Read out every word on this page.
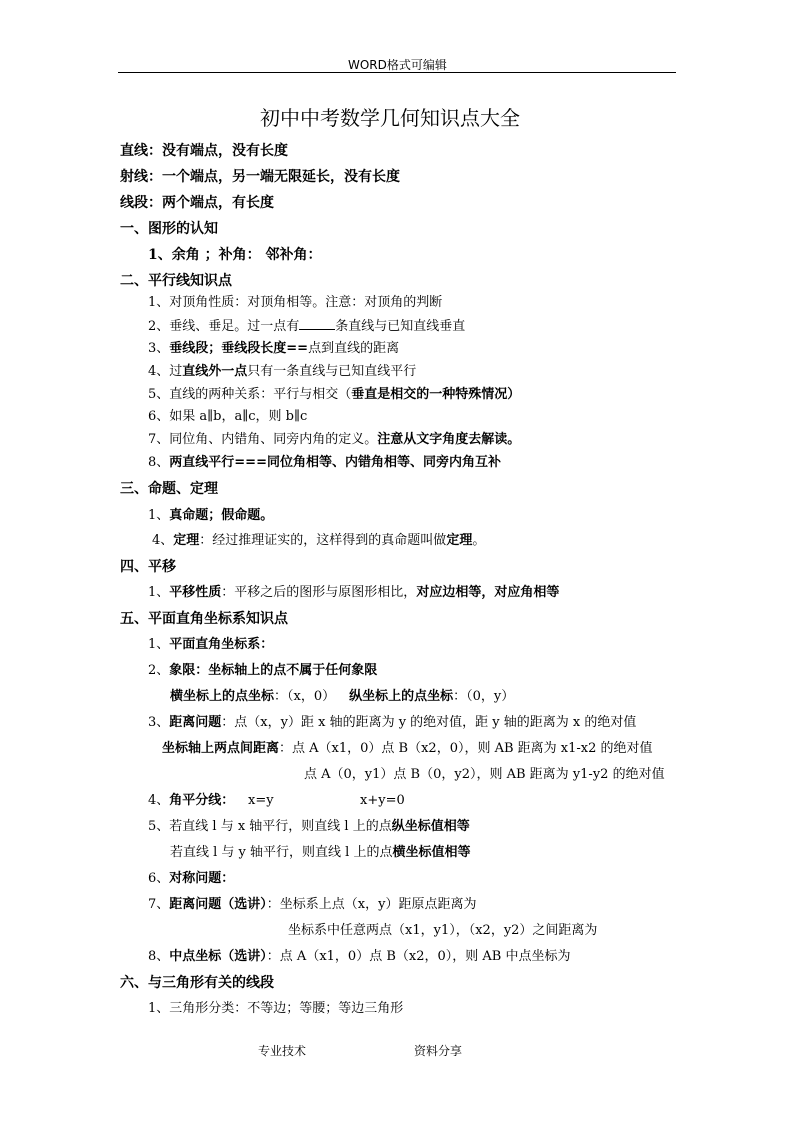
WORD格式可编辑
初中中考数学几何知识点大全
直线：没有端点，没有长度
射线：一个端点，另一端无限延长，没有长度
线段：两个端点，有长度
一、图形的认知
1、余角 ；补角： 邻补角：
二、平行线知识点
1、对顶角性质：对顶角相等。注意：对顶角的判断
2、垂线、垂足。过一点有	条直线与已知直线垂直
3、垂线段；垂线段长度==点到直线的距离
4、过直线外一点只有一条直线与已知直线平行
5、直线的两种关系：平行与相交（垂直是相交的一种特殊情况）
6、如果 a∥b，a∥c，则 b∥c
7、同位角、内错角、同旁内角的定义。注意从文字角度去解读。
8、两直线平行===同位角相等、内错角相等、同旁内角互补
三、命题、定理
1、真命题；假命题。
4、定理：经过推理证实的，这样得到的真命题叫做定理。
四、平移
1、平移性质：平移之后的图形与原图形相比，对应边相等，对应角相等
五、平面直角坐标系知识点
1、平面直角坐标系：
2、象限：坐标轴上的点不属于任何象限
横坐标上的点坐标：（x，0） 纵坐标上的点坐标：（0，y）
3、距离问题：点（x，y）距 x 轴的距离为 y 的绝对值，距 y 轴的距离为 x 的绝对值
坐标轴上两点间距离：点 A（x1，0）点 B（x2，0），则 AB 距离为 x1-x2 的绝对值
点 A（0，y1）点 B（0，y2），则 AB 距离为 y1-y2 的绝对值
4、角平分线： x=y	x+y=0
5、若直线 l 与 x 轴平行，则直线 l 上的点纵坐标值相等
若直线 l 与 y 轴平行，则直线 l 上的点横坐标值相等
6、对称问题：
7、距离问题（选讲）：坐标系上点（x，y）距原点距离为
坐标系中任意两点（x1，y1），（x2，y2）之间距离为
8、中点坐标（选讲）：点 A（x1，0）点 B（x2，0），则 AB 中点坐标为
六、与三角形有关的线段
1、三角形分类：不等边；等腰；等边三角形
专业技术	资料分享
